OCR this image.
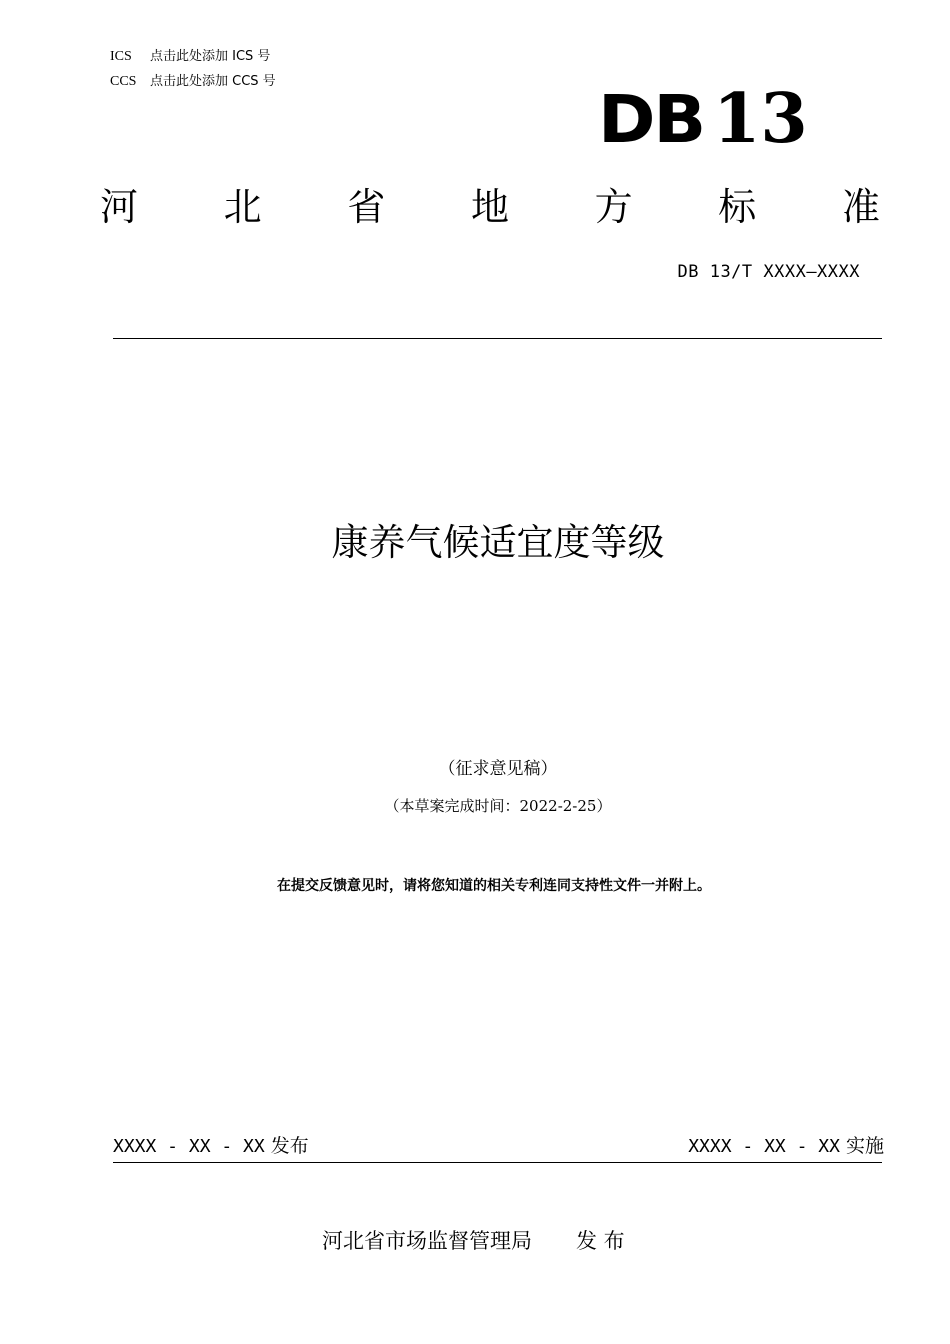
ICS 点击此处添加 ICS 号
CCS 点击此处添加 CCS 号	DB 13
河 北 省 地 方 标 准
DB 13/T XXXX—XXXX
康养气候适宜度等级
（征求意见稿）
（本草案完成时间：2022-2-25）
在提交反馈意见时，请将您知道的相关专利连同支持性文件一并附上。
XXXX - XX - XX 发布	XXXX - XX - XX 实施
河北省市场监督管理局 发 布
